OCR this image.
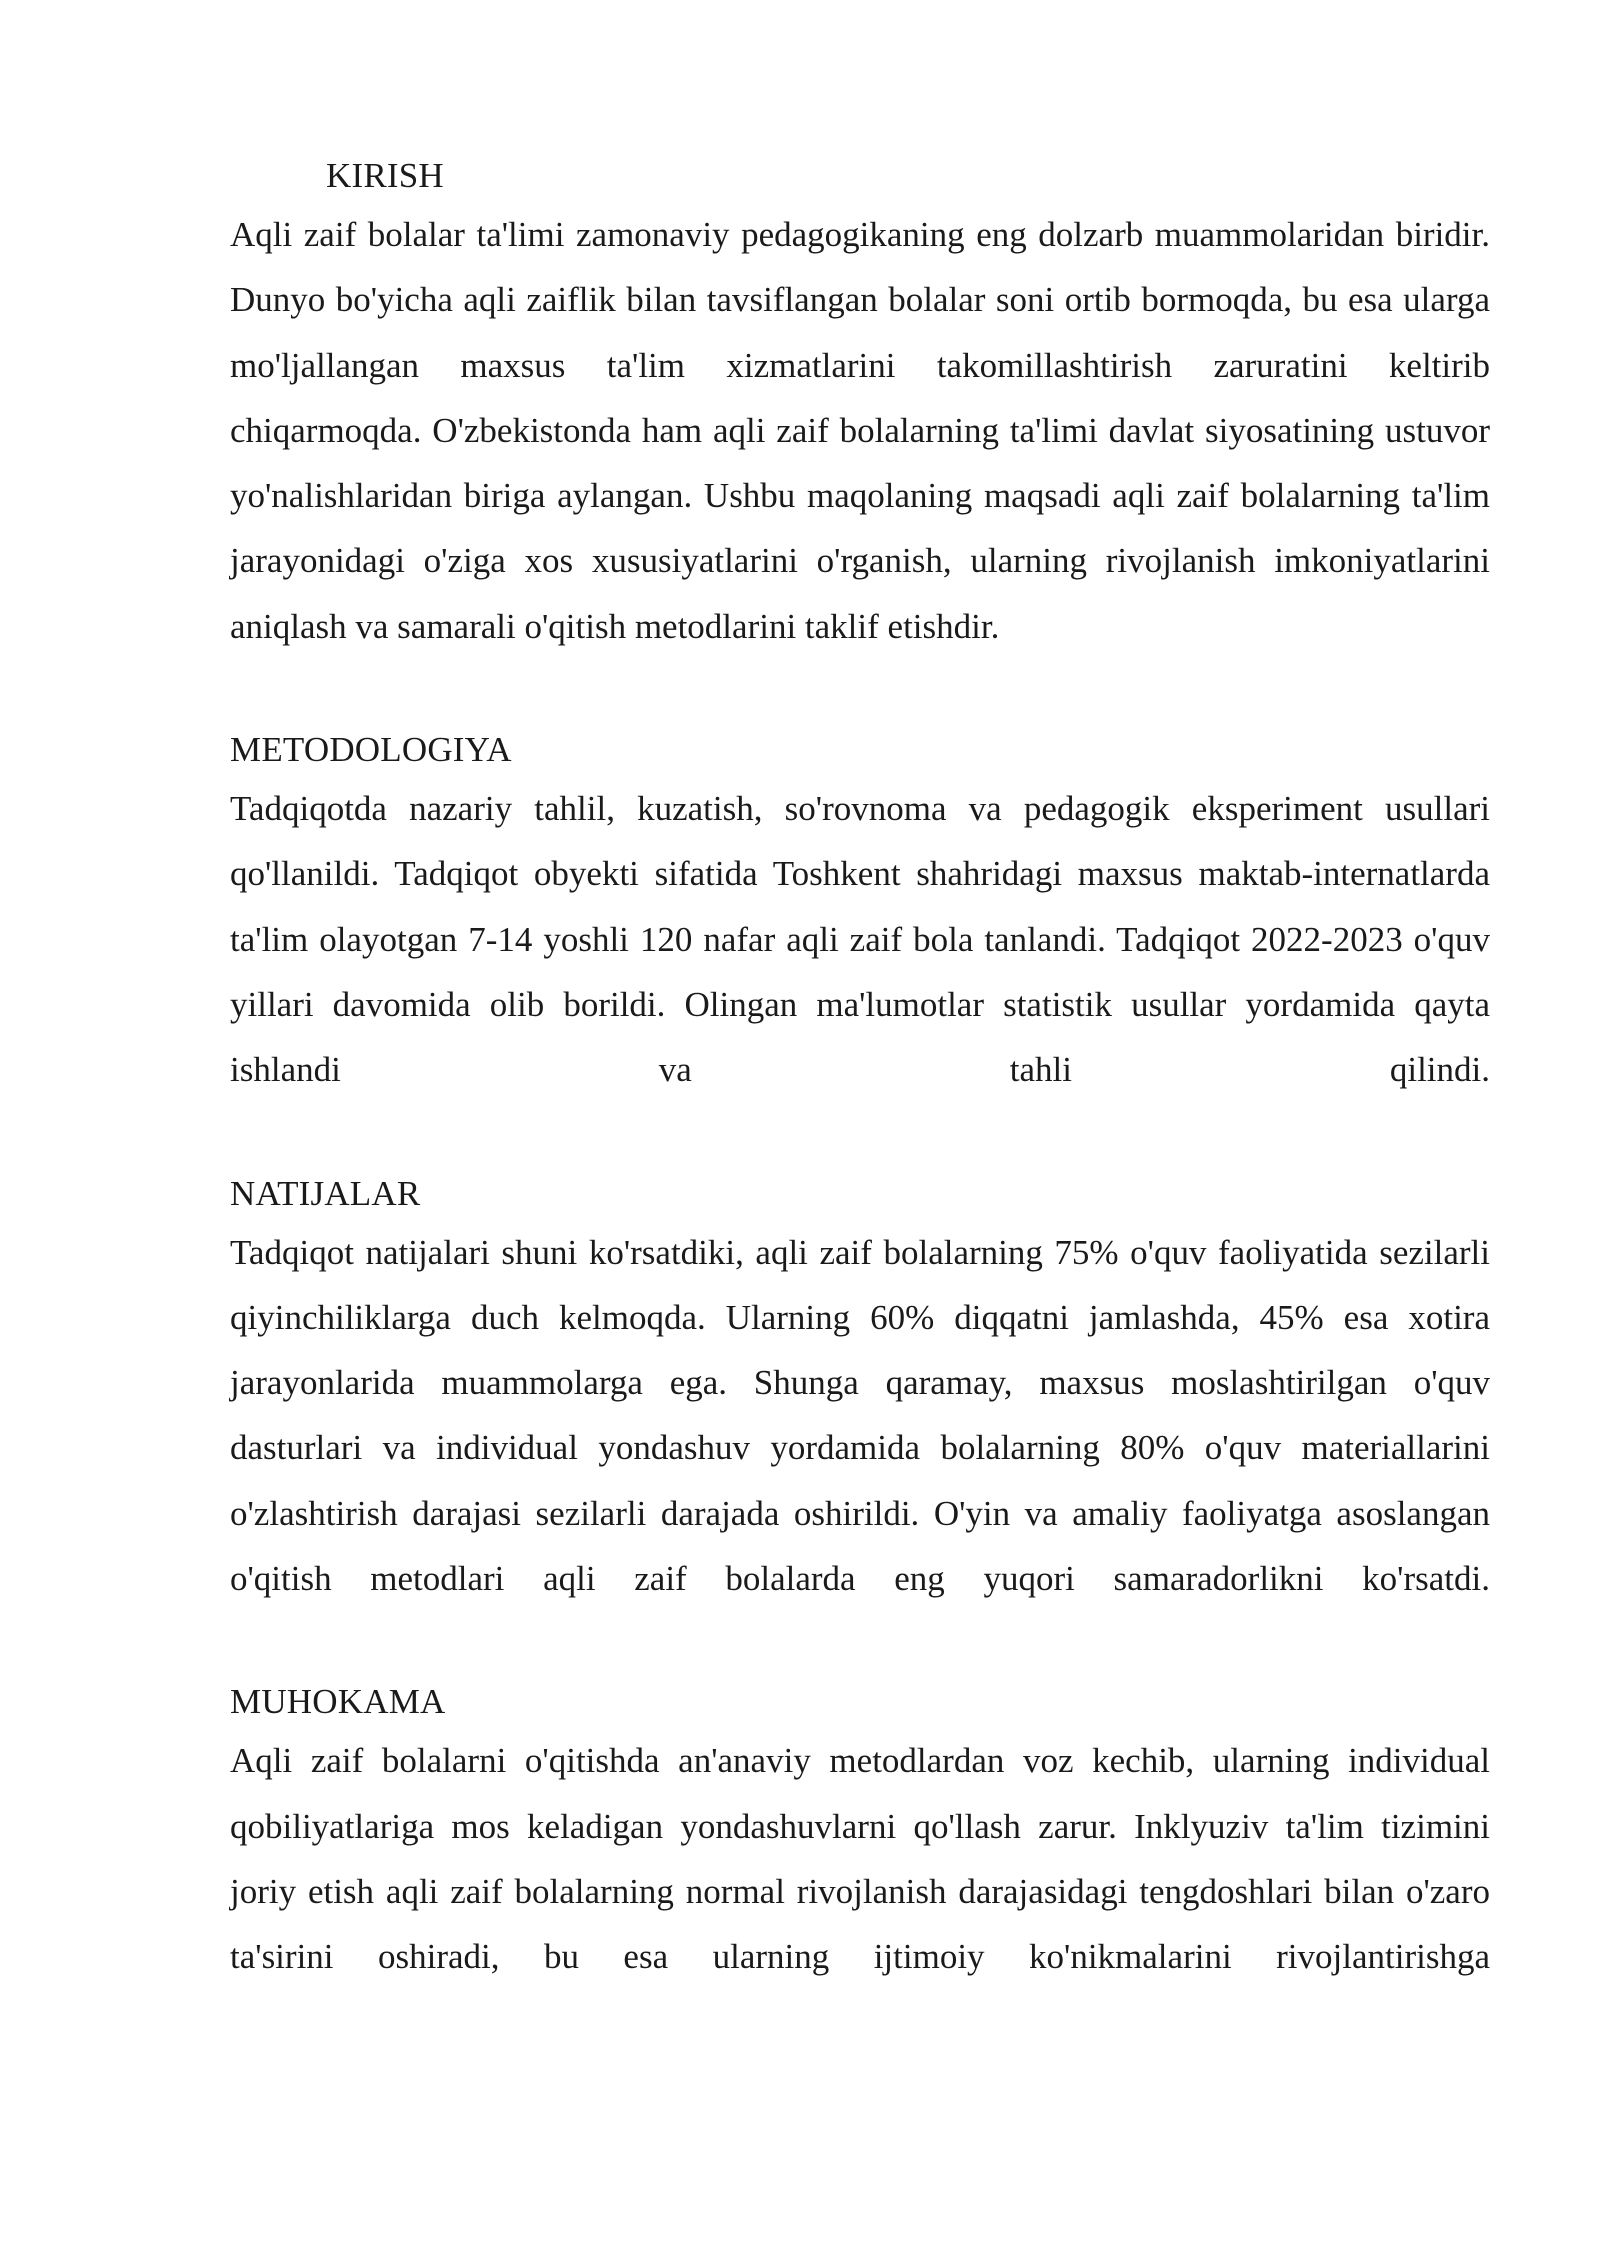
KIRISH

Aqli zaif bolalar ta'limi zamonaviy pedagogikaning eng dolzarb muammolaridan biridir. Dunyo bo'yicha aqli zaiflik bilan tavsiflangan bolalar soni ortib bormoqda, bu esa ularga mo'ljallangan maxsus ta'lim xizmatlarini takomillashtirish zaruratini keltirib chiqarmoqda. O'zbekistonda ham aqli zaif bolalarning ta'limi davlat siyosatining ustuvor yo'nalishlaridan biriga aylangan. Ushbu maqolaning maqsadi aqli zaif bolalarning ta'lim jarayonidagi o'ziga xos xususiyatlarini o'rganish, ularning rivojlanish imkoniyatlarini aniqlash va samarali o'qitish metodlarini taklif etishdir.

METODOLOGIYA

Tadqiqotda nazariy tahlil, kuzatish, so'rovnoma va pedagogik eksperiment usullari qo'llanildi. Tadqiqot obyekti sifatida Toshkent shahridagi maxsus maktab-internatlarda ta'lim olayotgan 7-14 yoshli 120 nafar aqli zaif bola tanlandi. Tadqiqot 2022-2023 o'quv yillari davomida olib borildi. Olingan ma'lumotlar statistik usullar yordamida qayta ishlandi va tahli qilindi.

NATIJALAR

Tadqiqot natijalari shuni ko'rsatdiki, aqli zaif bolalarning 75% o'quv faoliyatida sezilarli qiyinchiliklarga duch kelmoqda. Ularning 60% diqqatni jamlashda, 45% esa xotira jarayonlarida muammolarga ega. Shunga qaramay, maxsus moslashtirilgan o'quv dasturlari va individual yondashuv yordamida bolalarning 80% o'quv materiallarini o'zlashtirish darajasi sezilarli darajada oshirildi. O'yin va amaliy faoliyatga asoslangan o'qitish metodlari aqli zaif bolalarda eng yuqori samaradorlikni ko'rsatdi.

MUHOKAMA

Aqli zaif bolalarni o'qitishda an'anaviy metodlardan voz kechib, ularning individual qobiliyatlariga mos keladigan yondashuvlarni qo'llash zarur. Inklyuziv ta'lim tizimini joriy etish aqli zaif bolalarning normal rivojlanish darajasidagi tengdoshlari bilan o'zaro ta'sirini oshiradi, bu esa ularning ijtimoiy ko'nikmalarini rivojlantirishga
